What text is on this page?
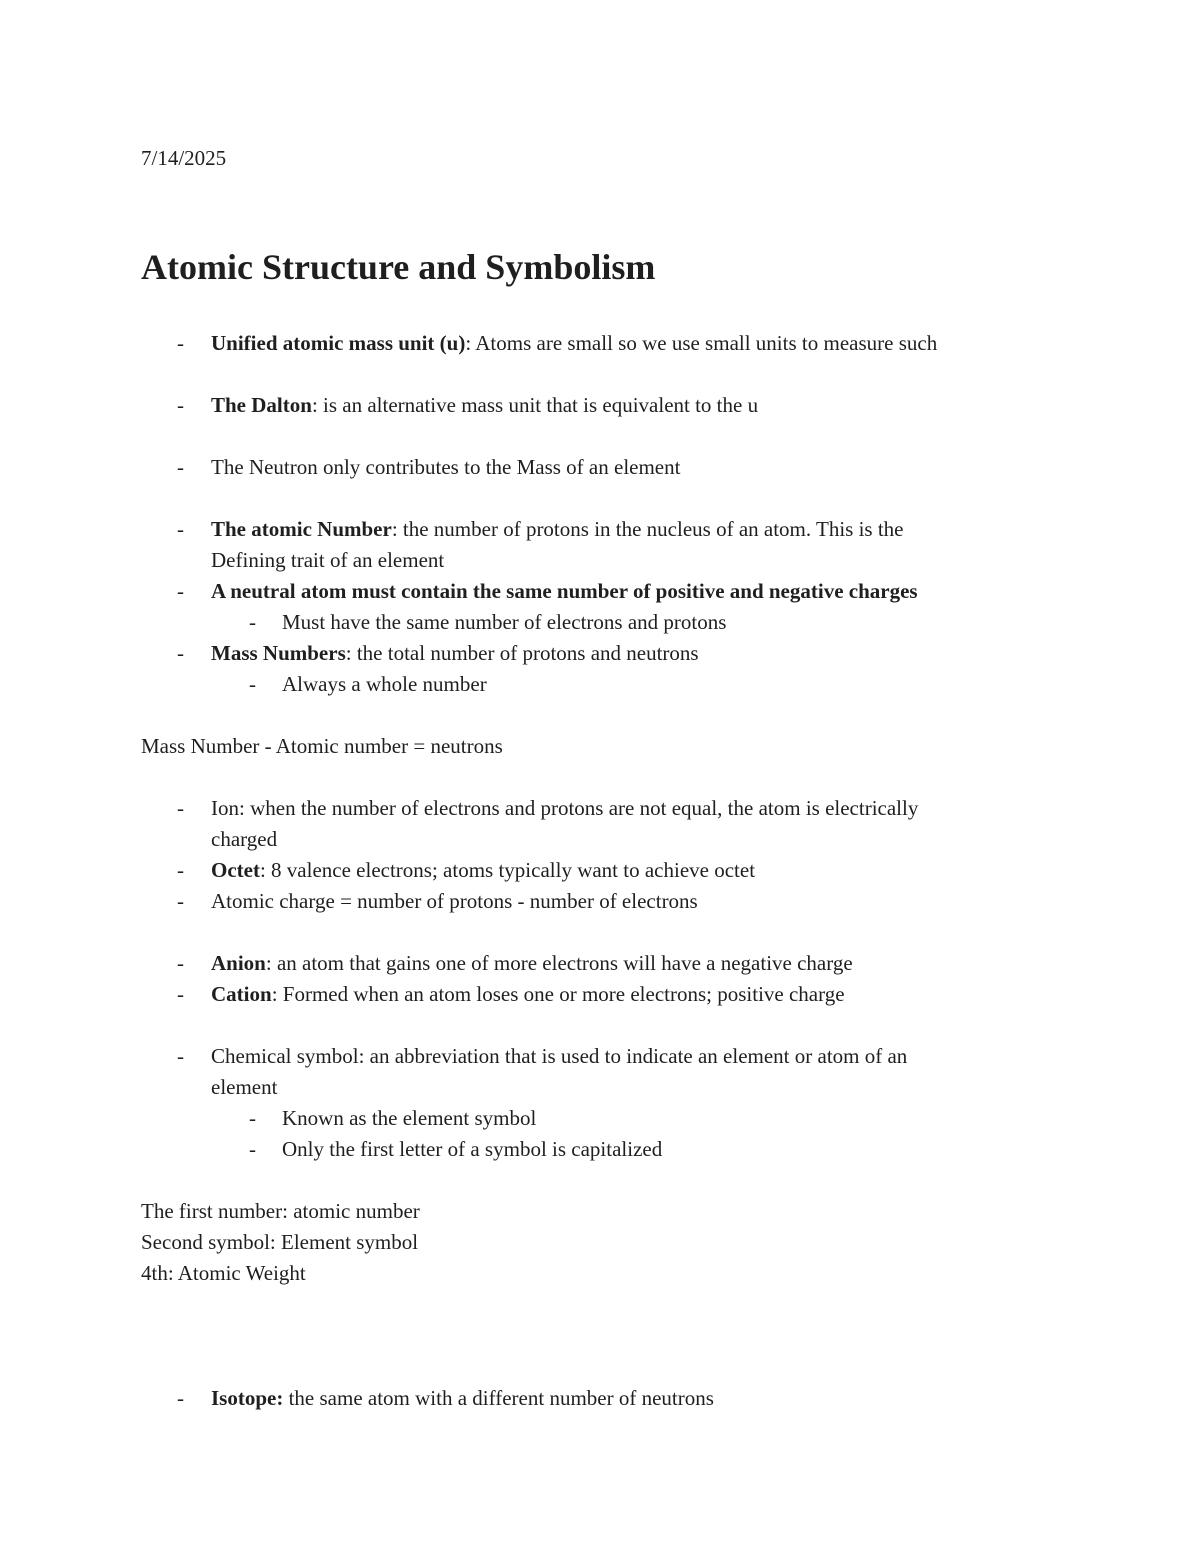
7/14/2025
Atomic Structure and Symbolism
- Unified atomic mass unit (u): Atoms are small so we use small units to measure such
- The Dalton: is an alternative mass unit that is equivalent to the u
- The Neutron only contributes to the Mass of an element
- The atomic Number: the number of protons in the nucleus of an atom. This is the
Defining trait of an element
- A neutral atom must contain the same number of positive and negative charges
- Must have the same number of electrons and protons
- Mass Numbers: the total number of protons and neutrons
- Always a whole number
Mass Number - Atomic number = neutrons
- Ion: when the number of electrons and protons are not equal, the atom is electrically
charged
- Octet: 8 valence electrons; atoms typically want to achieve octet
- Atomic charge = number of protons - number of electrons
- Anion: an atom that gains one of more electrons will have a negative charge
- Cation: Formed when an atom loses one or more electrons; positive charge
- Chemical symbol: an abbreviation that is used to indicate an element or atom of an
element
- Known as the element symbol
- Only the first letter of a symbol is capitalized
The first number: atomic number
Second symbol: Element symbol
4th: Atomic Weight
- Isotope: the same atom with a different number of neutrons
